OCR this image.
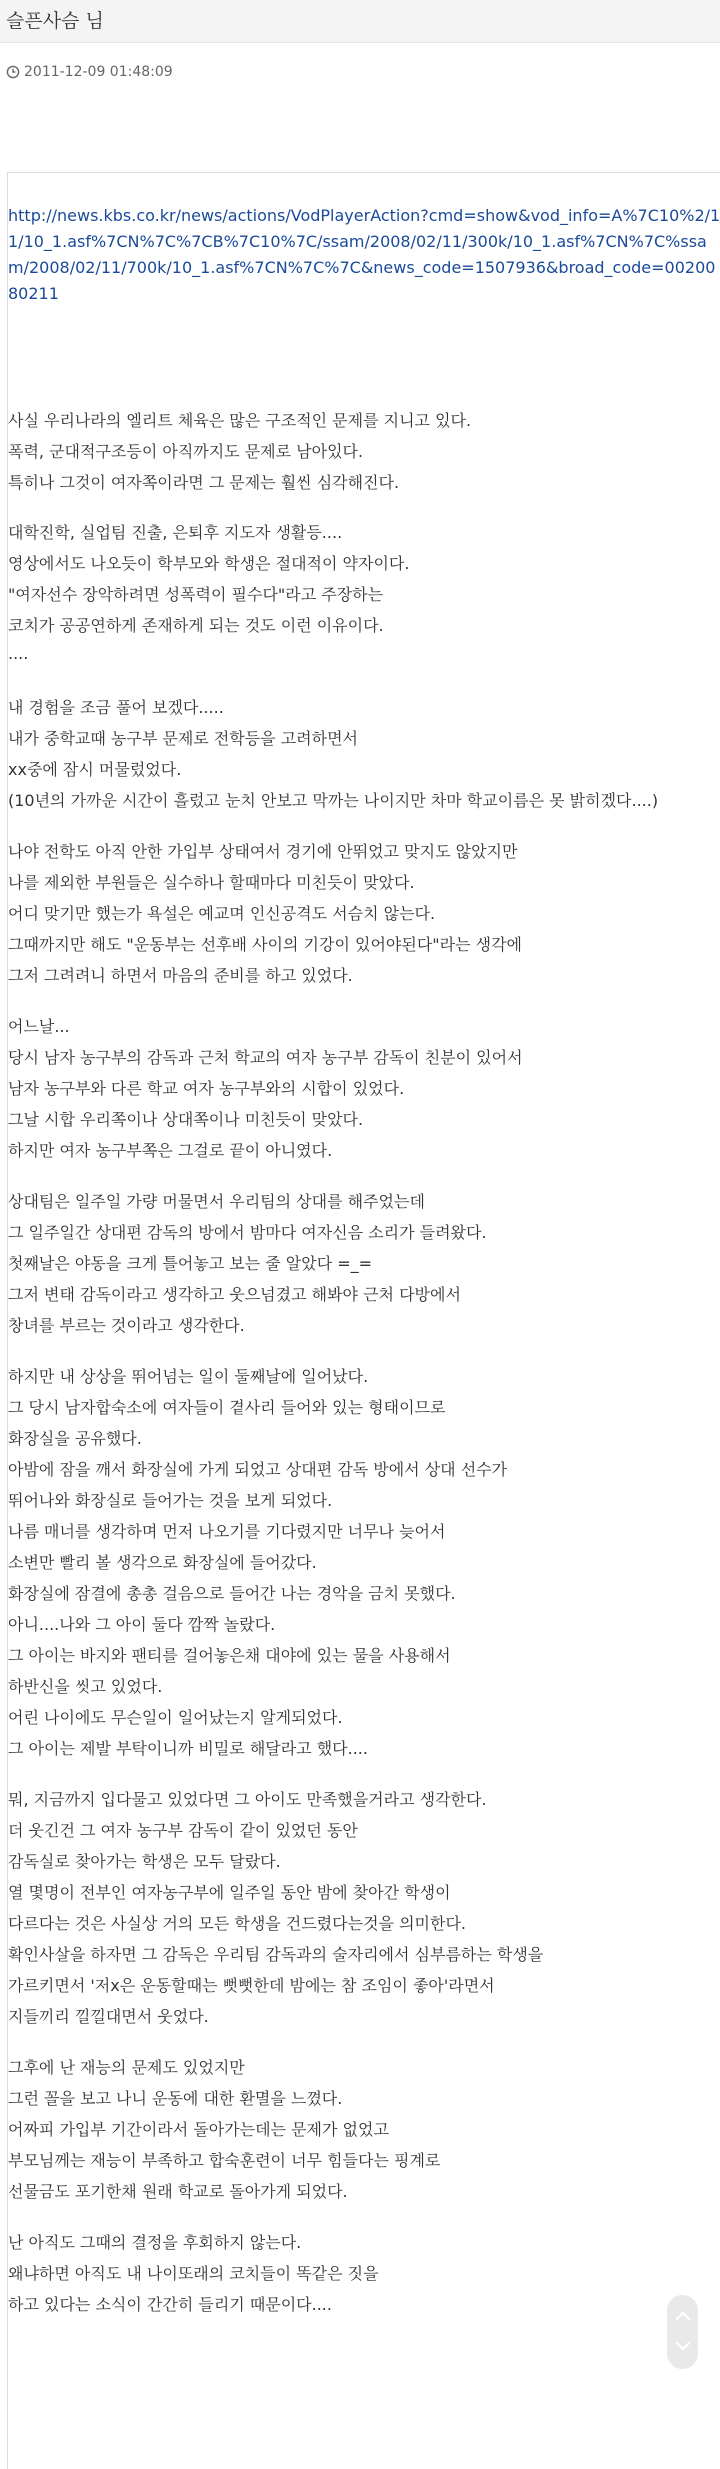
슬픈사슴 님
2011-12-09 01:48:09
http://news.kbs.co.kr/news/actions/VodPlayerAction?cmd=show&vod_info=A%7C10%2/11/10_1.asf%7CN%7C%7CB%7C10%7C/ssam/2008/02/11/300k/10_1.asf%7CN%7C%ssam/2008/02/11/700k/10_1.asf%7CN%7C%7C&news_code=1507936&broad_code=0020080211
사실 우리나라의 엘리트 체육은 많은 구조적인 문제를 지니고 있다.
폭력, 군대적구조등이 아직까지도 문제로 남아있다.
특히나 그것이 여자쪽이라면 그 문제는 훨씬 심각해진다.
대학진학, 실업팀 진출, 은퇴후 지도자 생활등....
영상에서도 나오듯이 학부모와 학생은 절대적이 약자이다.
"여자선수 장악하려면 성폭력이 필수다"라고 주장하는
코치가 공공연하게 존재하게 되는 것도 이런 이유이다.
....
내 경험을 조금 풀어 보겠다.....
내가 중학교때 농구부 문제로 전학등을 고려하면서
xx중에 잠시 머물렀었다.
(10년의 가까운 시간이 흘렀고 눈치 안보고 막까는 나이지만 차마 학교이름은 못 밝히겠다....)
나야 전학도 아직 안한 가입부 상태여서 경기에 안뛰었고 맞지도 않았지만
나를 제외한 부원들은 실수하나 할때마다 미친듯이 맞았다.
어디 맞기만 했는가 욕설은 예교며 인신공격도 서슴치 않는다.
그때까지만 해도 "운동부는 선후배 사이의 기강이 있어야된다"라는 생각에
그저 그려려니 하면서 마음의 준비를 하고 있었다.
어느날...
당시 남자 농구부의 감독과 근처 학교의 여자 농구부 감독이 친분이 있어서
남자 농구부와 다른 학교 여자 농구부와의 시합이 있었다.
그날 시합 우리쪽이나 상대쪽이나 미친듯이 맞았다.
하지만 여자 농구부쪽은 그걸로 끝이 아니였다.
상대팀은 일주일 가량 머물면서 우리팀의 상대를 해주었는데
그 일주일간 상대편 감독의 방에서 밤마다 여자신음 소리가 들려왔다.
첫째날은 야동을 크게 틀어놓고 보는 줄 알았다 =_=
그저 변태 감독이라고 생각하고 웃으넘겼고 해봐야 근처 다방에서
창녀를 부르는 것이라고 생각한다.
하지만 내 상상을 뛰어넘는 일이 둘째날에 일어났다.
그 당시 남자합숙소에 여자들이 곁사리 들어와 있는 형태이므로
화장실을 공유했다.
아밤에 잠을 깨서 화장실에 가게 되었고 상대편 감독 방에서 상대 선수가
뛰어나와 화장실로 들어가는 것을 보게 되었다.
나름 매너를 생각하며 먼저 나오기를 기다렸지만 너무나 늦어서
소변만 빨리 볼 생각으로 화장실에 들어갔다.
화장실에 잠결에 총총 걸음으로 들어간 나는 경악을 금치 못했다.
아니....나와 그 아이 둘다 깜짝 놀랐다.
그 아이는 바지와 팬티를 걸어놓은채 대야에 있는 물을 사용해서
하반신을 씻고 있었다.
어린 나이에도 무슨일이 일어났는지 알게되었다.
그 아이는 제발 부탁이니까 비밀로 해달라고 했다....
뭐, 지금까지 입다물고 있었다면 그 아이도 만족했을거라고 생각한다.
더 웃긴건 그 여자 농구부 감독이 같이 있었던 동안
감독실로 찾아가는 학생은 모두 달랐다.
열 몇명이 전부인 여자농구부에 일주일 동안 밤에 찾아간 학생이
다르다는 것은 사실상 거의 모든 학생을 건드렸다는것을 의미한다.
확인사살을 하자면 그 감독은 우리팀 감독과의 술자리에서 심부름하는 학생을
가르키면서 '저x은 운동할때는 뻣뻣한데 밤에는 참 조임이 좋아'라면서
지들끼리 낄낄대면서 웃었다.
그후에 난 재능의 문제도 있었지만
그런 꼴을 보고 나니 운동에 대한 환멸을 느꼈다.
어짜피 가입부 기간이라서 돌아가는데는 문제가 없었고
부모님께는 재능이 부족하고 합숙훈련이 너무 힘들다는 핑계로
선물금도 포기한채 원래 학교로 돌아가게 되었다.
난 아직도 그때의 결정을 후회하지 않는다.
왜냐하면 아직도 내 나이또래의 코치들이 똑같은 짓을
하고 있다는 소식이 간간히 들리기 때문이다....
